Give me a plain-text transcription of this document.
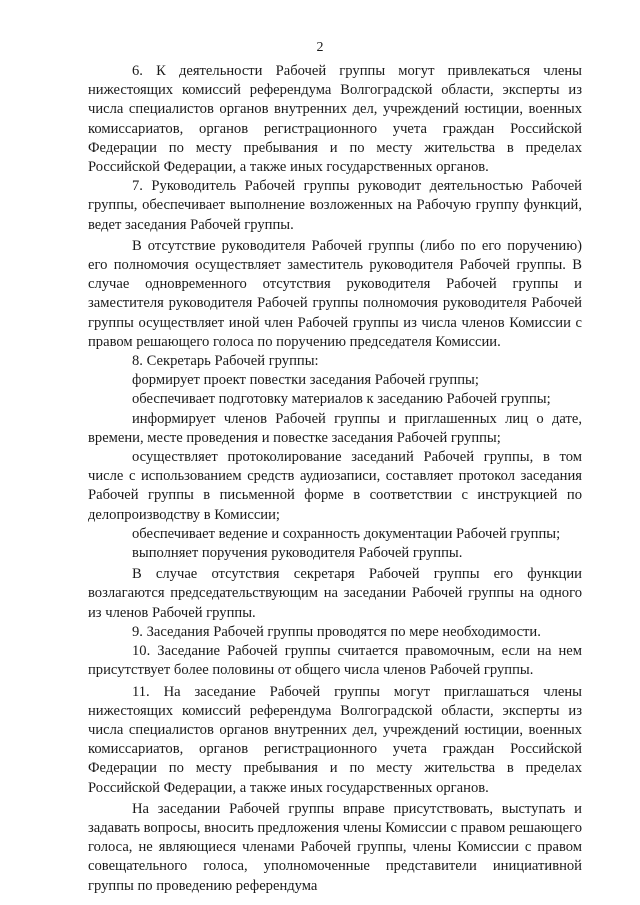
2

6. К деятельности Рабочей группы могут привлекаться члены нижестоящих комиссий референдума Волгоградской области, эксперты из числа специалистов органов внутренних дел, учреждений юстиции, военных комиссариатов, органов регистрационного учета граждан Российской Федерации по месту пребывания и по месту жительства в пределах Российской Федерации, а также иных государственных органов.

7. Руководитель Рабочей группы руководит деятельностью Рабочей группы, обеспечивает выполнение возложенных на Рабочую группу функций, ведет заседания Рабочей группы.

В отсутствие руководителя Рабочей группы (либо по его поручению) его полномочия осуществляет заместитель руководителя Рабочей группы. В случае одновременного отсутствия руководителя Рабочей группы и заместителя руководителя Рабочей группы полномочия руководителя Рабочей группы осуществляет иной член Рабочей группы из числа членов Комиссии с правом решающего голоса по поручению председателя Комиссии.

8. Секретарь Рабочей группы:

формирует проект повестки заседания Рабочей группы;

обеспечивает подготовку материалов к заседанию Рабочей группы;

информирует членов Рабочей группы и приглашенных лиц о дате, времени, месте проведения и повестке заседания Рабочей группы;

осуществляет протоколирование заседаний Рабочей группы, в том числе с использованием средств аудиозаписи, составляет протокол заседания Рабочей группы в письменной форме в соответствии с инструкцией по делопроизводству в Комиссии;

обеспечивает ведение и сохранность документации Рабочей группы;

выполняет поручения руководителя Рабочей группы.

В случае отсутствия секретаря Рабочей группы его функции возлагаются председательствующим на заседании Рабочей группы на одного из членов Рабочей группы.

9. Заседания Рабочей группы проводятся по мере необходимости.

10. Заседание Рабочей группы считается правомочным, если на нем присутствует более половины от общего числа членов Рабочей группы.

11. На заседание Рабочей группы могут приглашаться члены нижестоящих комиссий референдума Волгоградской области, эксперты из числа специалистов органов внутренних дел, учреждений юстиции, военных комиссариатов, органов регистрационного учета граждан Российской Федерации по месту пребывания и по месту жительства в пределах Российской Федерации, а также иных государственных органов.

На заседании Рабочей группы вправе присутствовать, выступать и задавать вопросы, вносить предложения члены Комиссии с правом решающего голоса, не являющиеся членами Рабочей группы, члены Комиссии с правом совещательного голоса, уполномоченные представители инициативной группы по проведению референдума
